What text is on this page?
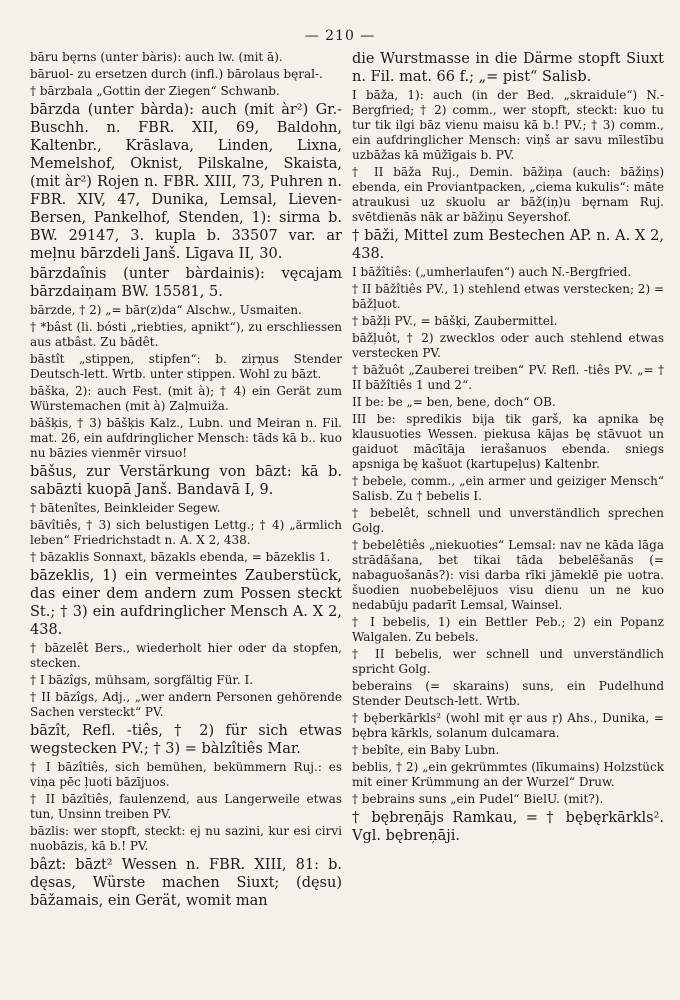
— 210 —

bāru bęrns (unter bàris): auch lw. (mit ā).

bāruol- zu ersetzen durch (infl.) bārolaus bęral-.

† bārzbala „Gottin der Ziegen“ Schwanb.

bārzda (unter bàrda): auch (mit àr²) Gr.-Buschh. n. FBR. XII, 69, Baldohn, Kaltenbr., Krāslava, Linden, Lixna, Memelshof, Oknist, Pilskalne, Skaista, (mit àr²) Rojen n. FBR. XIII, 73, Puhren n. FBR. XIV, 47, Dunika, Lemsal, Lieven-Bersen, Pankelhof, Stenden, 1): sirma b. BW. 29147, 3. kupla b. 33507 var. ar mel̦nu bārzdeli Janš. Līgava II, 30.

bārzdaînis (unter bàrdainis): vęcajam bārzdaiņam BW. 15581, 5.

bārzde, † 2) „= bār(z)da“ Alschw., Usmaiten.

† *bâst (li. bósti „riebties, apnikt“), zu erschliessen aus atbâst. Zu bādêt.

bāstît „stippen, stipfen“: b. ziŗņus Stender Deutsch-lett. Wrtb. unter stippen. Wohl zu bāzt.

bāška, 2): auch Fest. (mit à); † 4) ein Gerät zum Würstemachen (mit à) Zaļmuiža.

bāšķis, † 3) bāšķis Kalz., Lubn. und Meiran n. Fil. mat. 26, ein aufdringlicher Mensch: tāds kā b.. kuo nu bāzies vienmēr virsuo!

bāšus, zur Verstärkung von bāzt: kā b. sabāzti kuopā Janš. Bandavā I, 9.

† bātenîtes, Beinkleider Segew.

bāvîtiês, † 3) sich belustigen Lettg.; † 4) „ärmlich leben“ Friedrichstadt n. A. X 2, 438.

† bāzaklis Sonnaxt, bāzakls ebenda, = bāzeklis 1.

bāzeklis, 1) ein vermeintes Zauberstück, das einer dem andern zum Possen steckt St.; † 3) ein aufdringlicher Mensch A. X 2, 438.

† bāzelêt Bers., wiederholt hier oder da stopfen, stecken.

† I bāzîgs, mühsam, sorgfältig Für. I.

† II bāzîgs, Adj., „wer andern Personen gehörende Sachen versteckt“ PV.

bāzît, Refl. -tiês, † 2) für sich etwas wegstecken PV.; † 3) = bàlzîtiês Mar.

† I bāzîtiês, sich bemühen, bekümmern Ruj.: es viņa pēc ļuoti bāzījuos.

† II bāzîtiês, faulenzend, aus Langerweile etwas tun, Unsinn treiben PV.

bāzlis: wer stopft, steckt: ej nu sazini, kur esi cirvi nuobāzis, kā b.! PV.

bâzt: bāzt² Wessen n. FBR. XIII, 81: b. dęsas, Würste machen Siuxt; (dęsu) bāžamais, ein Gerät, womit man

die Wurstmasse in die Därme stopft Siuxt n. Fil. mat. 66 f.; „= pist“ Salisb.

I bāža, 1): auch (in der Bed. „skraidule“) N.-Bergfried; † 2) comm., wer stopft, steckt: kuo tu tur tik ilgi bāz vienu maisu kā b.! PV.; † 3) comm., ein aufdringlicher Mensch: viņš ar savu mīlestību uzbāžas kā mūžīgais b. PV.

† II bāža Ruj., Demin. bāžiņa (auch: bāžiņs) ebenda, ein Proviantpacken, „ciema kukulis“: māte atraukusi uz skuolu ar bāž(iņ)u bęrnam Ruj. svētdienās nāk ar bāžiņu Seyershof.

† bāži, Mittel zum Bestechen AP. n. A. X 2, 438.

I bāžîtiês: („umherlaufen“) auch N.-Bergfried.

† II bāžîtiês PV., 1) stehlend etwas verstecken; 2) = bāžļuot.

† bāžļi PV., = bāšķi, Zaubermittel.

bāžļuôt, † 2) zwecklos oder auch stehlend etwas verstecken PV.

† bāžuôt „Zauberei treiben“ PV. Refl. -tiês PV. „= † II bāžîtiês 1 und 2“.

II be: be „= ben, bene, doch“ OB.

III be: spredikis bija tik garš, ka apnika bę klausuoties Wessen. piekusa kājas bę stāvuot un gaiduot mācītāja ierašanuos ebenda. sniegs apsniga bę kašuot (kartupeļus) Kaltenbr.

† bebele, comm., „ein armer und geiziger Mensch“ Salisb. Zu † bebelis I.

† bebelêt, schnell und unverständlich sprechen Golg.

† bebelêtiês „niekuoties“ Lemsal: nav ne kāda lāga strādāšana, bet tikai tāda bebelēšanās (= nabaguošanās?): visi darba rīki jāmeklē pie uotra. šuodien nuobebelējuos visu dienu un ne kuo nedabūju padarīt Lemsal, Wainsel.

† I bebelis, 1) ein Bettler Peb.; 2) ein Popanz Walgalen. Zu bebels.

† II bebelis, wer schnell und unverständlich spricht Golg.

beberains (= skarains) suns, ein Pudelhund Stender Deutsch-lett. Wrtb.

† bęberkārkls² (wohl mit ęr aus ŗ) Ahs., Dunika, = bębra kārkls, solanum dulcamara.

† bebîte, ein Baby Lubn.

beblis, † 2) „ein gekrümmtes (līkumains) Holzstück mit einer Krümmung an der Wurzel“ Druw.

† bebrains suns „ein Pudel“ BielU. (mit?).

† bębreņājs Ramkau, = † bębęrkārkls². Vgl. bębreņāji.
